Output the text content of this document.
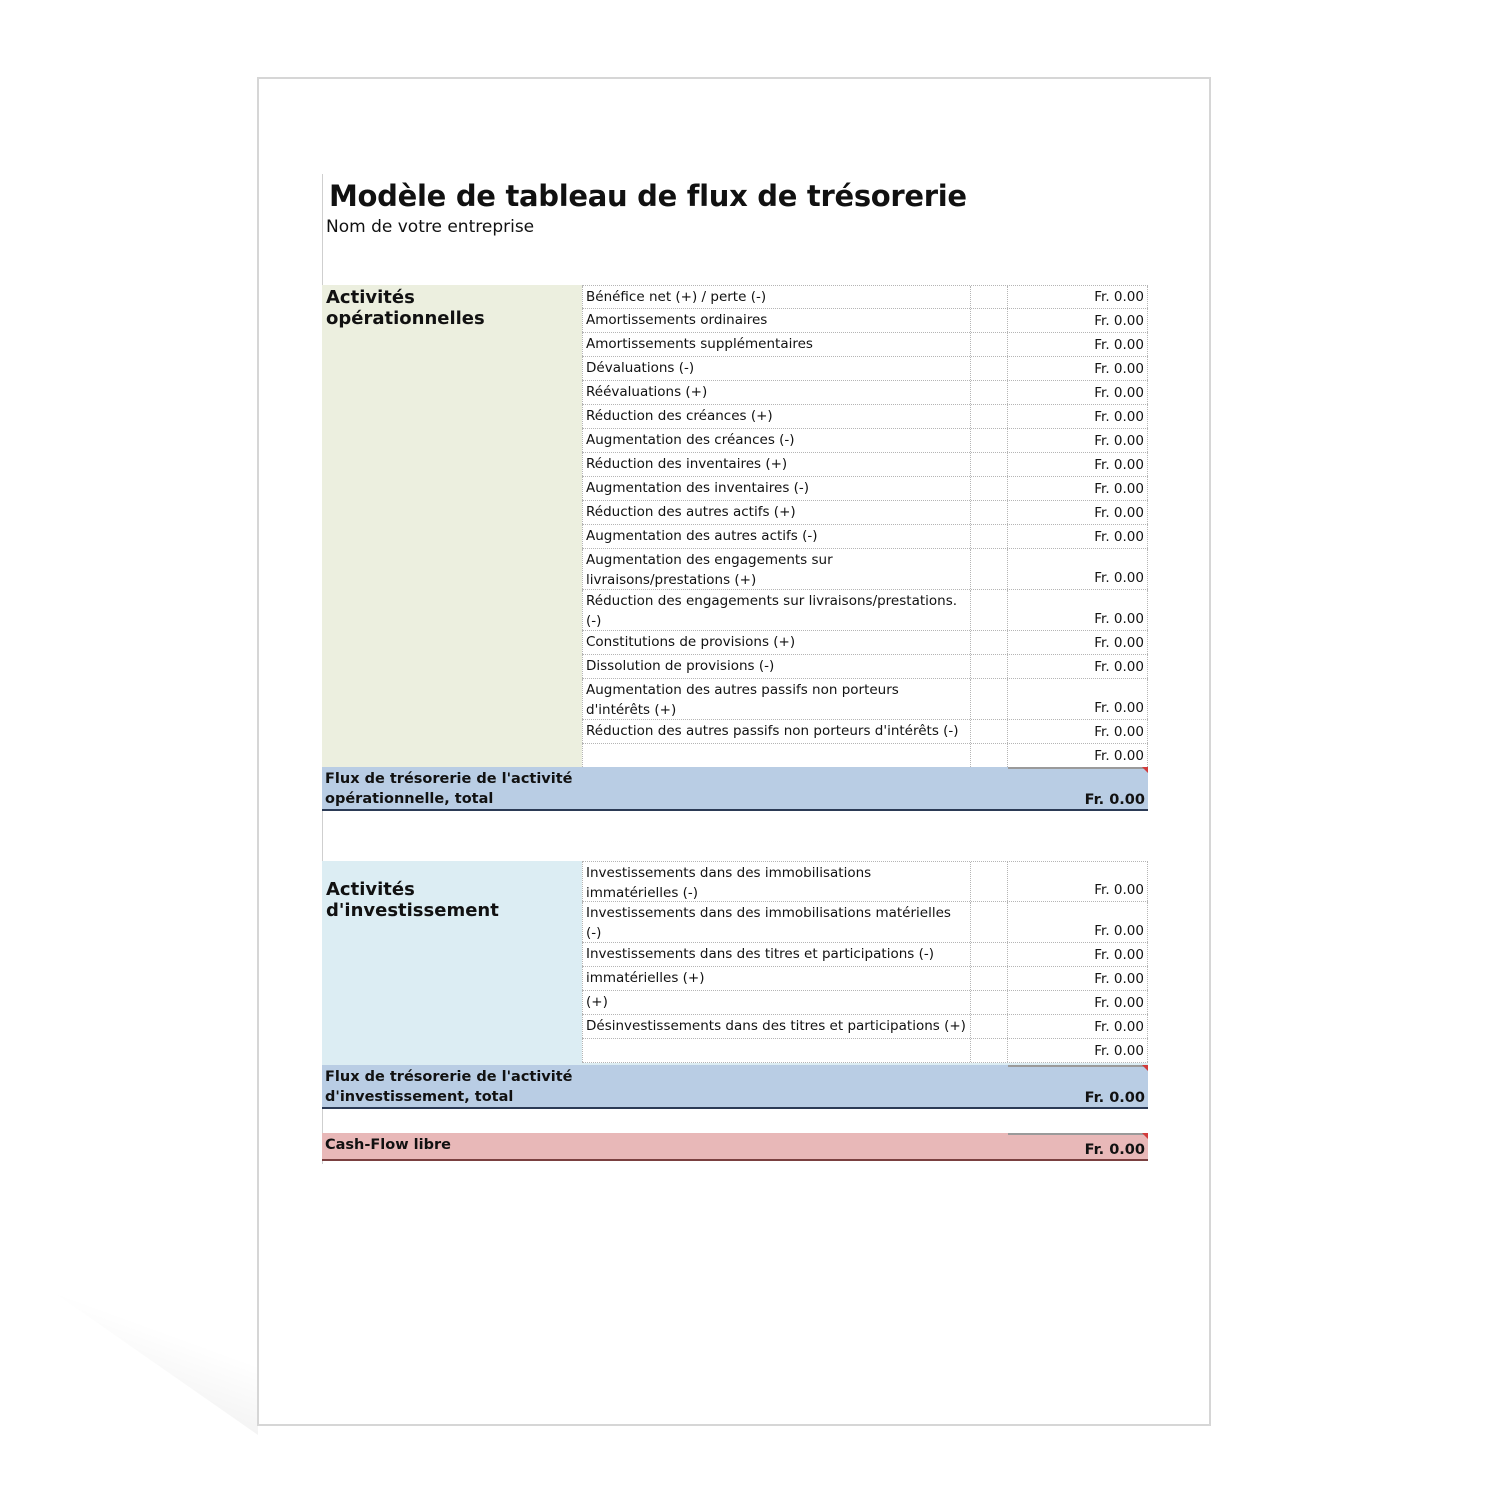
Modèle de tableau de flux de trésorerie

Nom de votre entreprise

Activités opérationnelles
Bénéfice net (+) / perte (-)	Fr. 0.00
Amortissements ordinaires	Fr. 0.00
Amortissements supplémentaires	Fr. 0.00
Dévaluations (-)	Fr. 0.00
Réévaluations (+)	Fr. 0.00
Réduction des créances (+)	Fr. 0.00
Augmentation des créances (-)	Fr. 0.00
Réduction des inventaires (+)	Fr. 0.00
Augmentation des inventaires (-)	Fr. 0.00
Réduction des autres actifs (+)	Fr. 0.00
Augmentation des autres actifs (-)	Fr. 0.00
Augmentation des engagements sur livraisons/prestations (+)	Fr. 0.00
Réduction des engagements sur livraisons/prestations. (-)	Fr. 0.00
Constitutions de provisions (+)	Fr. 0.00
Dissolution de provisions (-)	Fr. 0.00
Augmentation des autres passifs non porteurs d'intérêts (+)	Fr. 0.00
Réduction des autres passifs non porteurs d'intérêts (-)	Fr. 0.00
Fr. 0.00
Flux de trésorerie de l'activité opérationnelle, total	Fr. 0.00
Activités d'investissement
Investissements dans des immobilisations immatérielles (-)	Fr. 0.00
Investissements dans des immobilisations matérielles (-)	Fr. 0.00
Investissements dans des titres et participations (-)	Fr. 0.00
immatérielles (+)	Fr. 0.00
(+)	Fr. 0.00
Désinvestissements dans des titres et participations (+)	Fr. 0.00
Fr. 0.00
Flux de trésorerie de l'activité d'investissement, total	Fr. 0.00
Cash-Flow libre	Fr. 0.00
